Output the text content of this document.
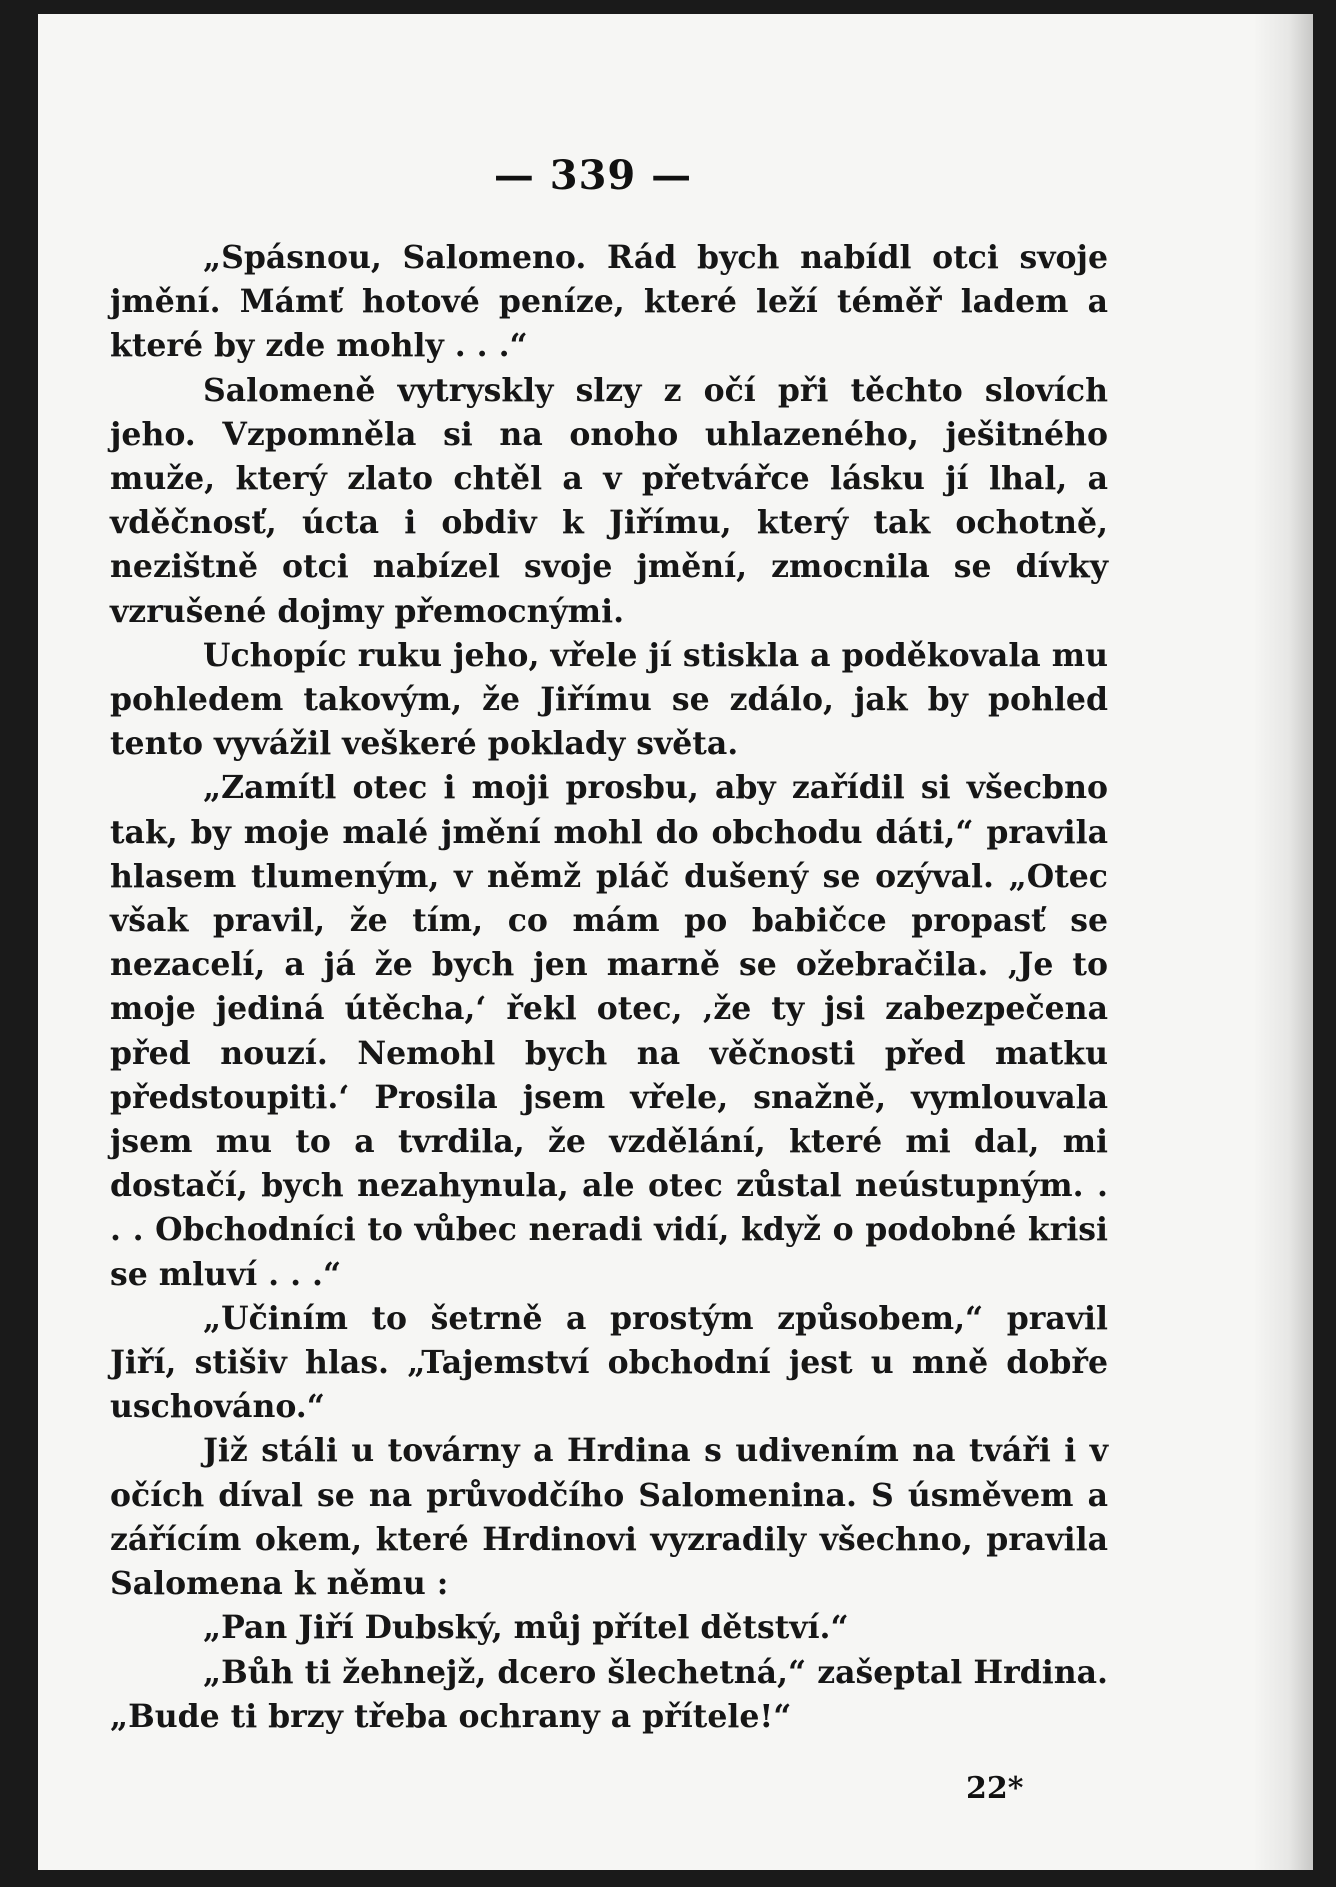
— 339 —

„Spásnou, Salomeno. Rád bych nabídl otci svoje jmění. Mámť hotové peníze, které leží téměř ladem a které by zde mohly . . .“

Salomeně vytryskly slzy z očí při těchto slovích jeho. Vzpomněla si na onoho uhlazeného, ješitného muže, který zlato chtěl a v přetvářce lásku jí lhal, a vděčnosť, úcta i obdiv k Jiřímu, který tak ochotně, nezištně otci nabízel svoje jmění, zmocnila se dívky vzrušené dojmy přemocnými.

Uchopíc ruku jeho, vřele jí stiskla a poděkovala mu pohledem takovým, že Jiřímu se zdálo, jak by pohled tento vyvážil veškeré poklady světa.

„Zamítl otec i moji prosbu, aby zařídil si všecbno tak, by moje malé jmění mohl do obchodu dáti,“ pravila hlasem tlumeným, v němž pláč dušený se ozýval. „Otec však pravil, že tím, co mám po babičce propasť se nezacelí, a já že bych jen marně se ožebračila. ‚Je to moje jediná útěcha,‘ řekl otec, ‚že ty jsi zabezpečena před nouzí. Nemohl bych na věčnosti před matku předstoupiti.‘ Prosila jsem vřele, snažně, vymlouvala jsem mu to a tvrdila, že vzdělání, které mi dal, mi dostačí, bych nezahynula, ale otec zůstal neústupným. . . . Obchodníci to vůbec neradi vidí, když o podobné krisi se mluví . . .“

„Učiním to šetrně a prostým způsobem,“ pravil Jiří, stišiv hlas. „Tajemství obchodní jest u mně dobře uschováno.“

Již stáli u továrny a Hrdina s udivením na tváři i v očích díval se na průvodčího Salomenina. S úsměvem a zářícím okem, které Hrdinovi vyzradily všechno, pravila Salomena k němu :

„Pan Jiří Dubský, můj přítel dětství.“

„Bůh ti žehnejž, dcero šlechetná,“ zašeptal Hrdina. „Bude ti brzy třeba ochrany a přítele!“

22*
